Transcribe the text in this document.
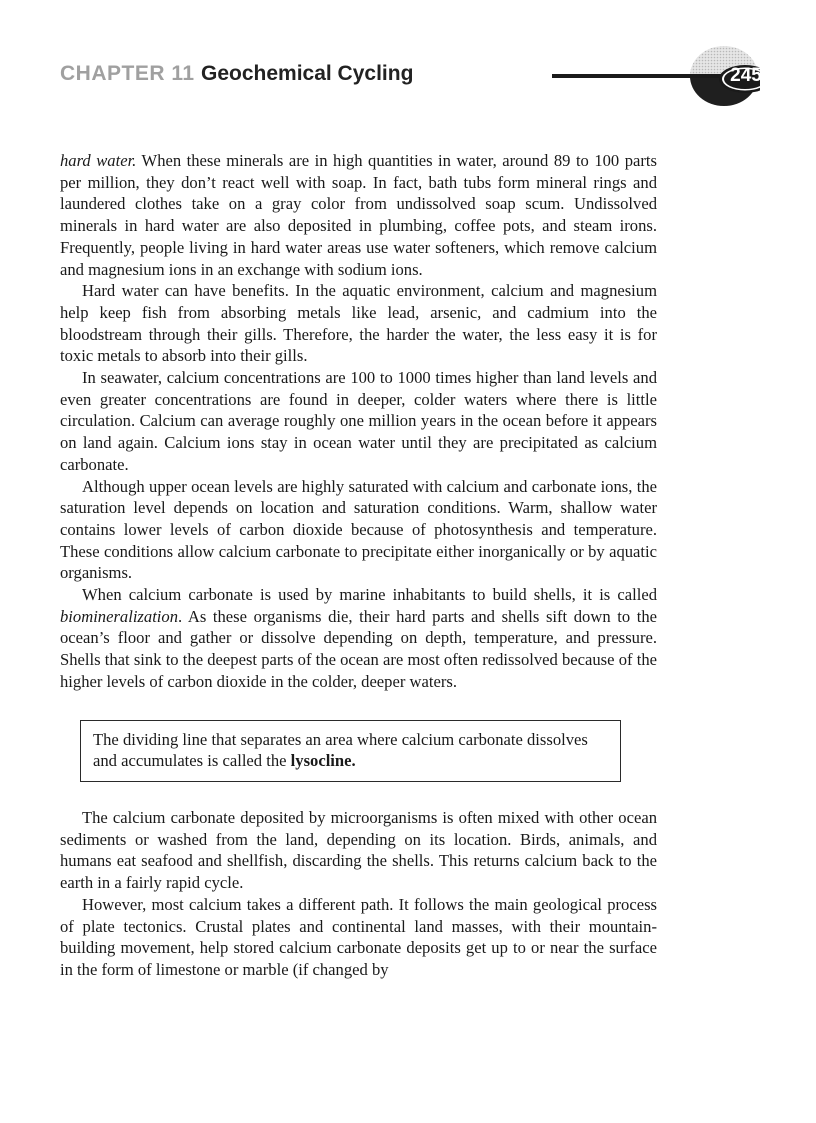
CHAPTER 11 Geochemical Cycling	245

hard water. When these minerals are in high quantities in water, around 89 to 100 parts per million, they don’t react well with soap. In fact, bath tubs form mineral rings and laundered clothes take on a gray color from undissolved soap scum. Undissolved minerals in hard water are also deposited in plumbing, coffee pots, and steam irons. Frequently, people living in hard water areas use water softeners, which remove calcium and magnesium ions in an exchange with sodium ions.

Hard water can have benefits. In the aquatic environment, calcium and magnesium help keep fish from absorbing metals like lead, arsenic, and cadmium into the bloodstream through their gills. Therefore, the harder the water, the less easy it is for toxic metals to absorb into their gills.

In seawater, calcium concentrations are 100 to 1000 times higher than land levels and even greater concentrations are found in deeper, colder waters where there is little circulation. Calcium can average roughly one million years in the ocean before it appears on land again. Calcium ions stay in ocean water until they are precipitated as calcium carbonate.

Although upper ocean levels are highly saturated with calcium and carbonate ions, the saturation level depends on location and saturation conditions. Warm, shallow water contains lower levels of carbon dioxide because of photosynthesis and temperature. These conditions allow calcium carbonate to precipitate either inorganically or by aquatic organisms.

When calcium carbonate is used by marine inhabitants to build shells, it is called biomineralization. As these organisms die, their hard parts and shells sift down to the ocean’s floor and gather or dissolve depending on depth, temperature, and pressure. Shells that sink to the deepest parts of the ocean are most often redissolved because of the higher levels of carbon dioxide in the colder, deeper waters.

The dividing line that separates an area where calcium carbonate dissolves and accumulates is called the lysocline.

The calcium carbonate deposited by microorganisms is often mixed with other ocean sediments or washed from the land, depending on its location. Birds, animals, and humans eat seafood and shellfish, discarding the shells. This returns calcium back to the earth in a fairly rapid cycle.

However, most calcium takes a different path. It follows the main geological process of plate tectonics. Crustal plates and continental land masses, with their mountain-building movement, help stored calcium carbonate deposits get up to or near the surface in the form of limestone or marble (if changed by
